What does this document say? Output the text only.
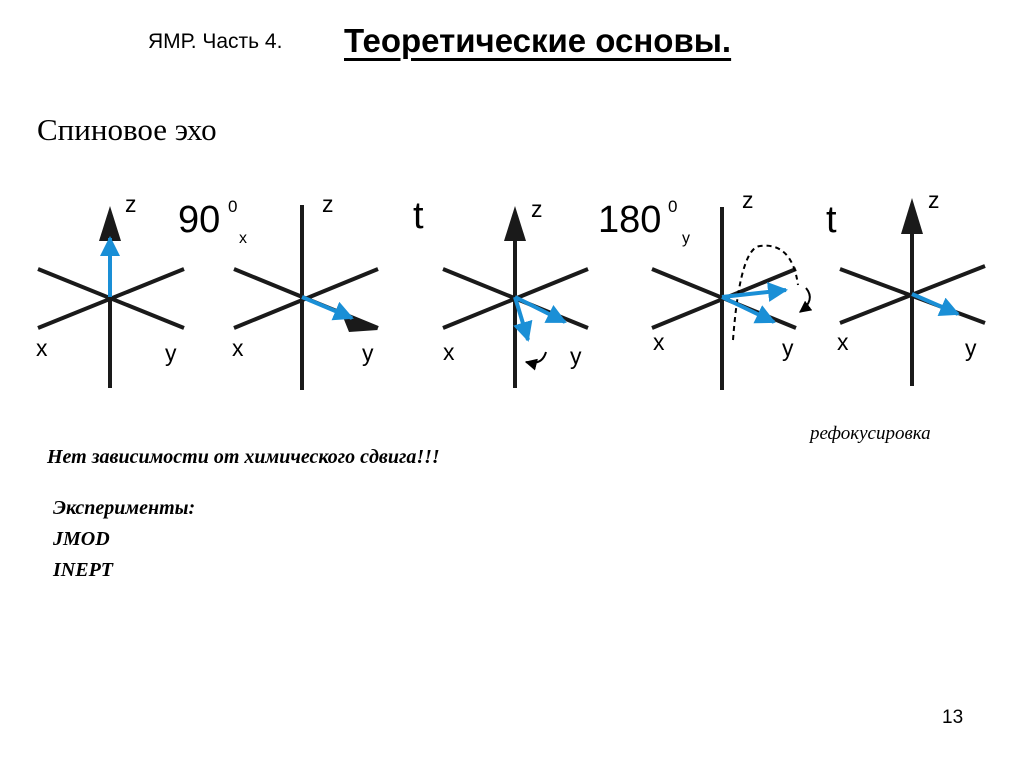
ЯМР. Часть 4. Теоретические основы.
Спиновое эхо
z
x	y
90 0
x
z
x	y
t	z
x	y
180 0
y
z
x	y
t	z
x	y
рефокусировка
Нет зависимости от химического сдвига!!!
Эксперименты:
JMOD
INEPT
13
